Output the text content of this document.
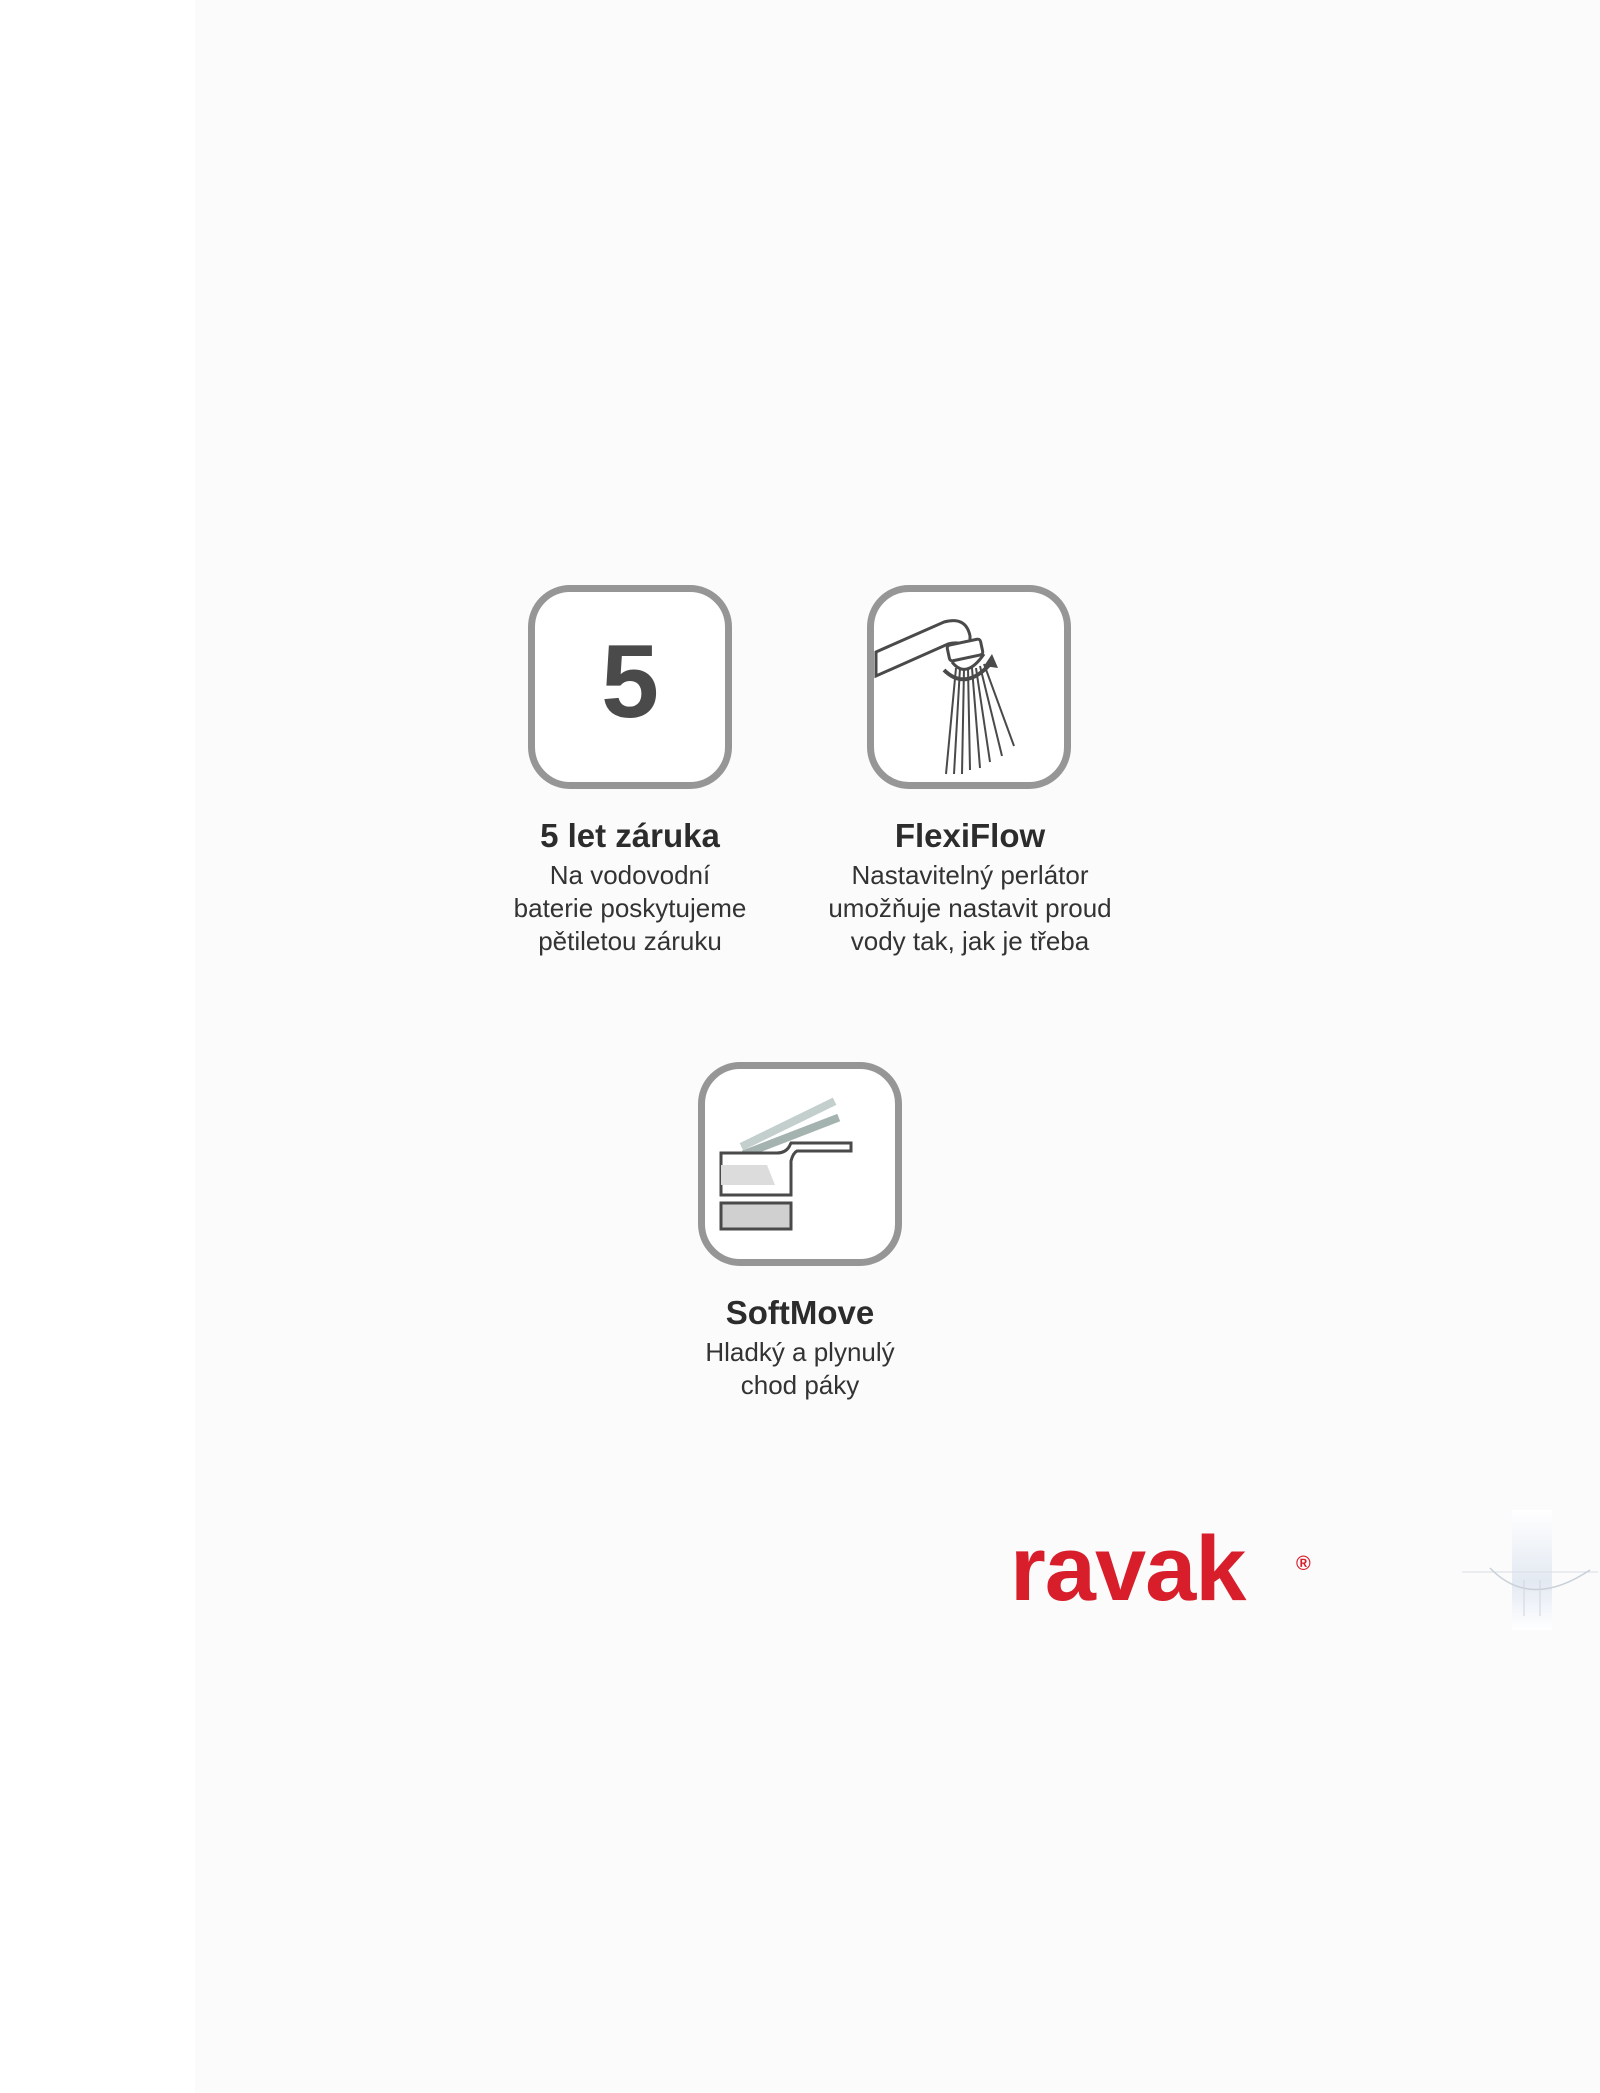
5
5 let záruka
Na vodovodní
baterie poskytujeme
pětiletou záruku
FlexiFlow
Nastavitelný perlátor
umožňuje nastavit proud
vody tak, jak je třeba
SoftMove
Hladký a plynulý
chod páky
ravak	®
